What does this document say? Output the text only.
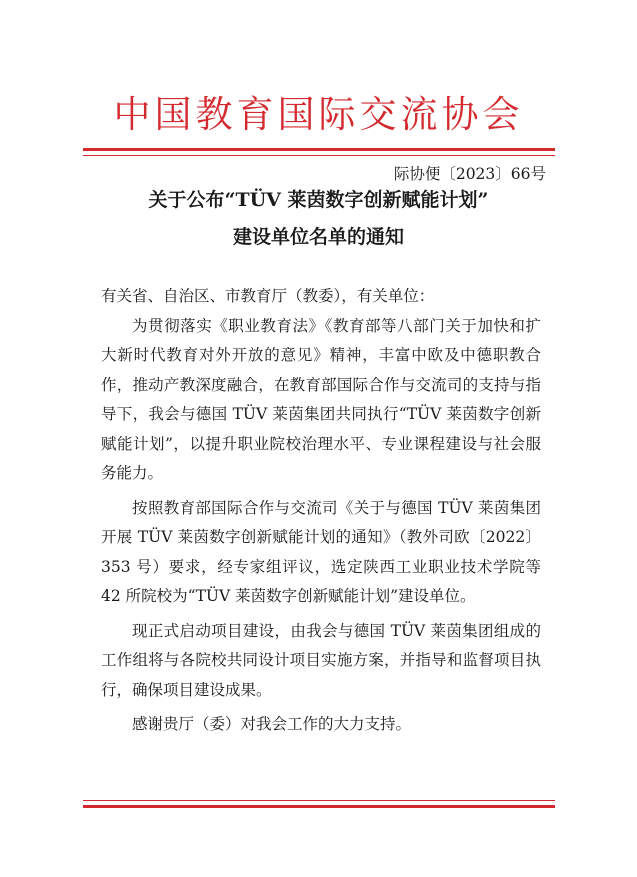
中国教育国际交流协会
际协便〔2023〕66号
关于公布“TÜV 莱茵数字创新赋能计划”
建设单位名单的通知

有关省、自治区、市教育厅（教委），有关单位：

为贯彻落实《职业教育法》《教育部等八部门关于加快和扩大新时代教育对外开放的意见》精神，丰富中欧及中德职教合作，推动产教深度融合，在教育部国际合作与交流司的支持与指导下，我会与德国 TÜV 莱茵集团共同执行“TÜV 莱茵数字创新赋能计划”，以提升职业院校治理水平、专业课程建设与社会服务能力。

按照教育部国际合作与交流司《关于与德国 TÜV 莱茵集团开展 TÜV 莱茵数字创新赋能计划的通知》（教外司欧〔2022〕353 号）要求，经专家组评议，选定陕西工业职业技术学院等 42 所院校为“TÜV 莱茵数字创新赋能计划”建设单位。

现正式启动项目建设，由我会与德国 TÜV 莱茵集团组成的工作组将与各院校共同设计项目实施方案，并指导和监督项目执行，确保项目建设成果。

感谢贵厅（委）对我会工作的大力支持。
